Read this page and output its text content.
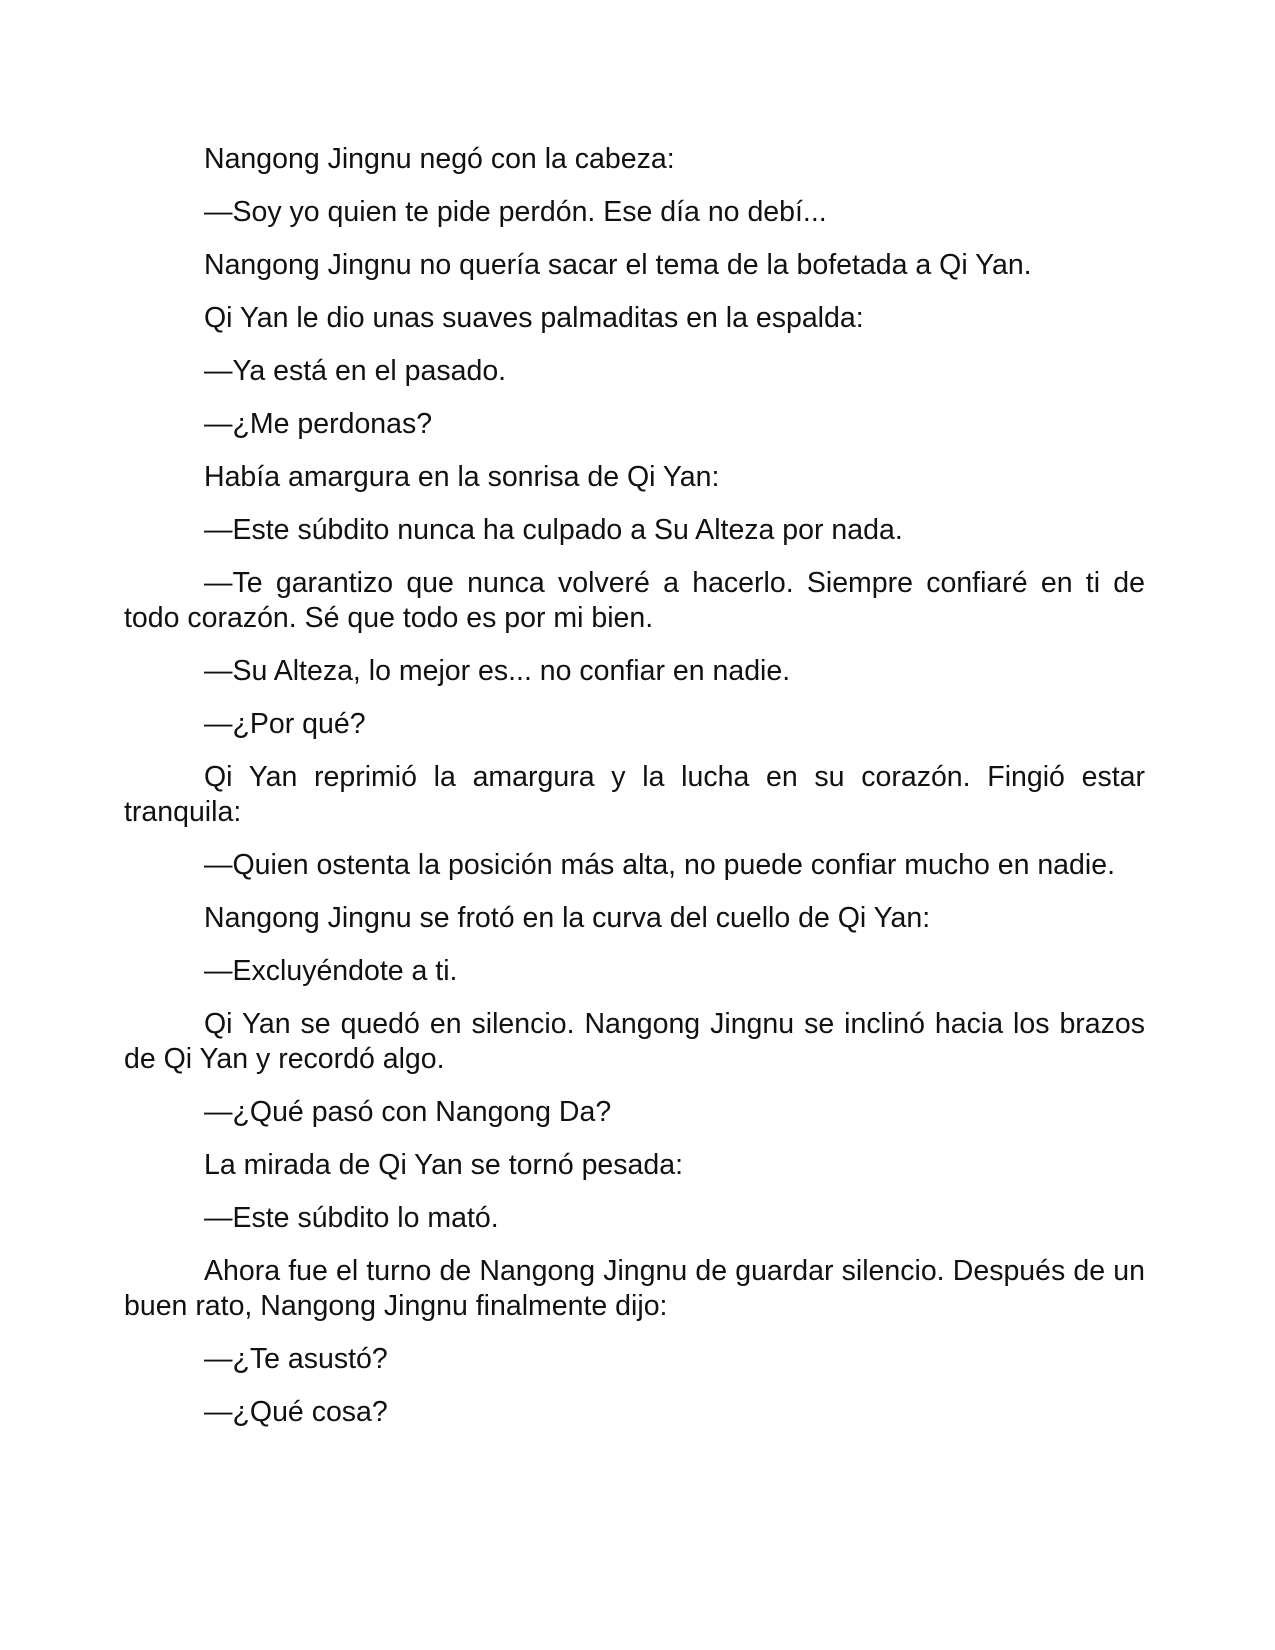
Nangong Jingnu negó con la cabeza:

—Soy yo quien te pide perdón. Ese día no debí...

Nangong Jingnu no quería sacar el tema de la bofetada a Qi Yan.

Qi Yan le dio unas suaves palmaditas en la espalda:

—Ya está en el pasado.

—¿Me perdonas?

Había amargura en la sonrisa de Qi Yan:

—Este súbdito nunca ha culpado a Su Alteza por nada.

—Te garantizo que nunca volveré a hacerlo. Siempre confiaré en ti de todo corazón. Sé que todo es por mi bien.

—Su Alteza, lo mejor es... no confiar en nadie.

—¿Por qué?

Qi Yan reprimió la amargura y la lucha en su corazón. Fingió estar tranquila:

—Quien ostenta la posición más alta, no puede confiar mucho en nadie.

Nangong Jingnu se frotó en la curva del cuello de Qi Yan:

—Excluyéndote a ti.

Qi Yan se quedó en silencio. Nangong Jingnu se inclinó hacia los brazos de Qi Yan y recordó algo.

—¿Qué pasó con Nangong Da?

La mirada de Qi Yan se tornó pesada:

—Este súbdito lo mató.

Ahora fue el turno de Nangong Jingnu de guardar silencio. Después de un buen rato, Nangong Jingnu finalmente dijo:

—¿Te asustó?

—¿Qué cosa?
